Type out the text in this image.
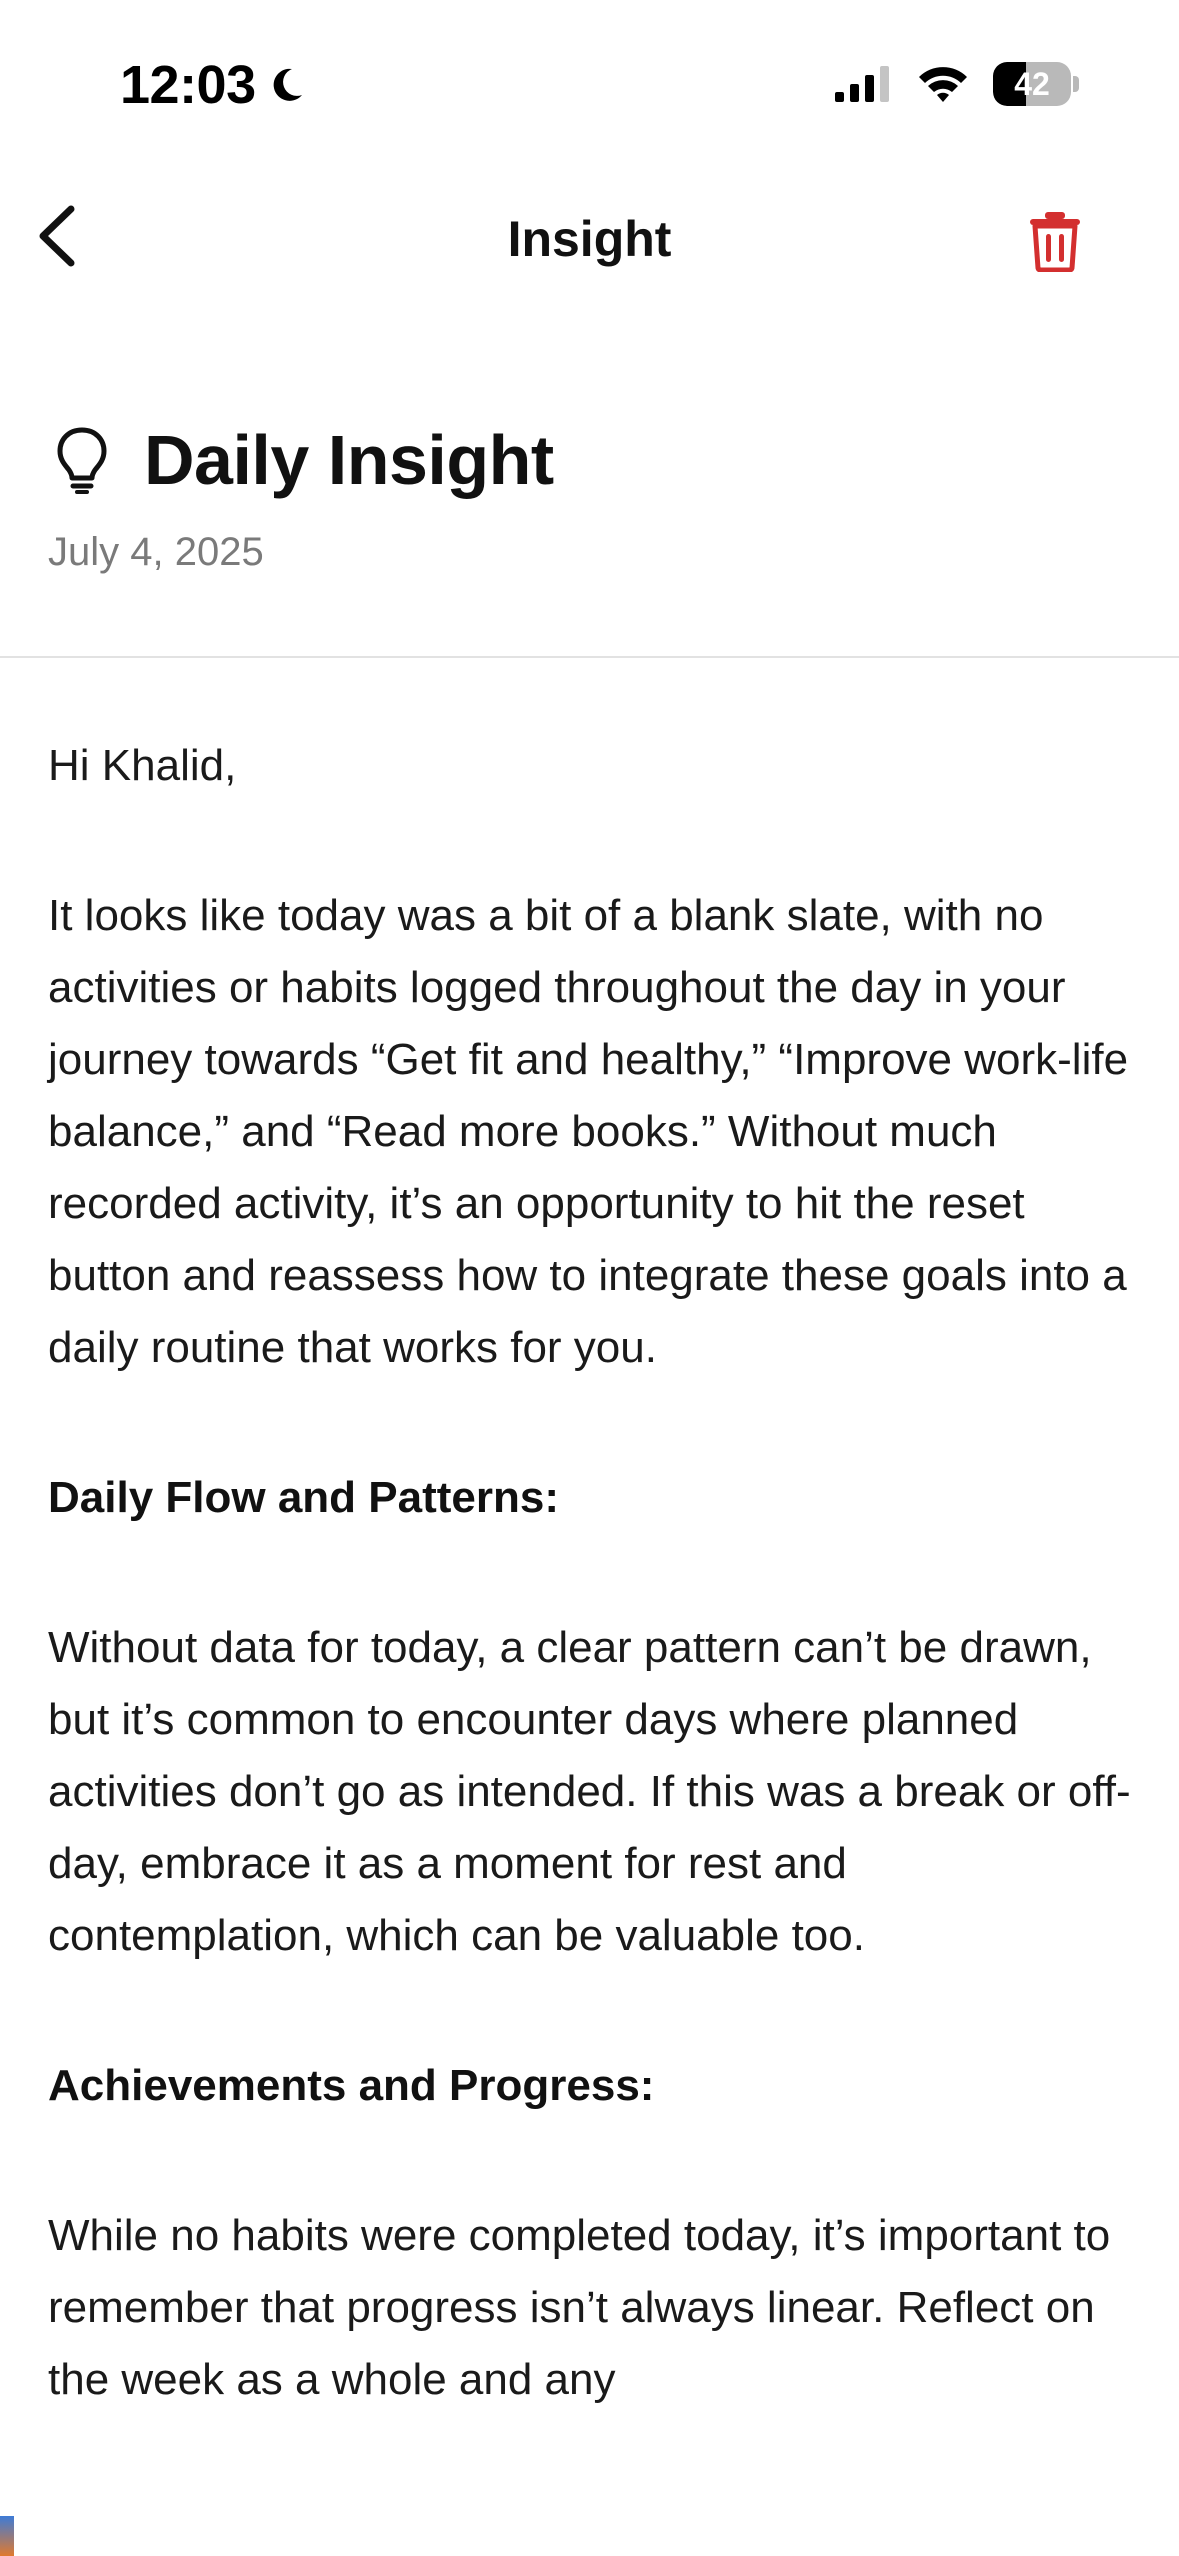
12:03	42
Insight
Daily Insight
July 4, 2025

Hi Khalid,

It looks like today was a bit of a blank slate, with no activities or habits logged throughout the day in your journey towards “Get fit and healthy,” “Improve work-life balance,” and “Read more books.” Without much recorded activity, it’s an opportunity to hit the reset button and reassess how to integrate these goals into a daily routine that works for you.

Daily Flow and Patterns:

Without data for today, a clear pattern can’t be drawn, but it’s common to encounter days where planned activities don’t go as intended. If this was a break or off-day, embrace it as a moment for rest and contemplation, which can be valuable too.

Achievements and Progress:

While no habits were completed today, it’s important to remember that progress isn’t always linear. Reflect on the week as a whole and any
